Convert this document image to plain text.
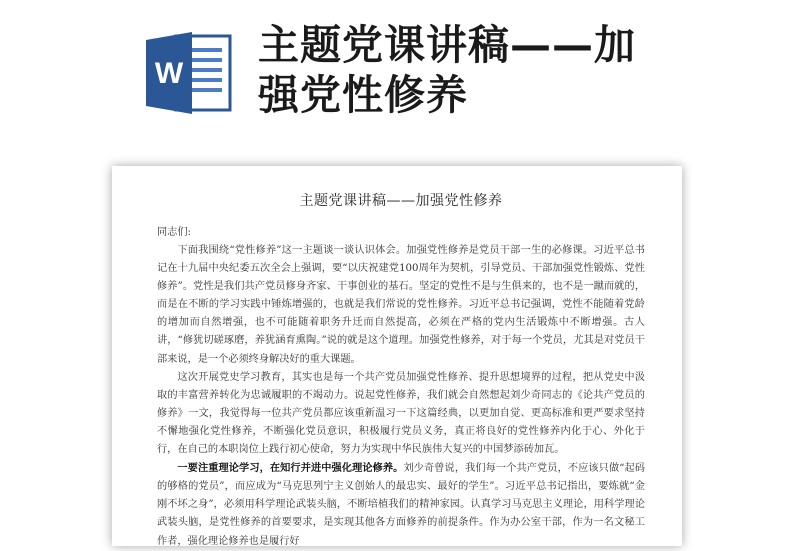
W
主题党课讲稿——加
强党性修养
主题党课讲稿——加强党性修养
同志们:

下面我围绕“党性修养”这一主题谈一谈认识体会。加强党性修养是党员干部一生的必修课。习近平总书记在十九届中央纪委五次全会上强调，要“以庆祝建党100周年为契机，引导党员、干部加强党性锻炼、党性修养”。党性是我们共产党员修身齐家、干事创业的基石。坚定的党性不是与生俱来的，也不是一蹴而就的，而是在不断的学习实践中锤炼增强的，也就是我们常说的党性修养。习近平总书记强调，党性不能随着党龄的增加而自然增强，也不可能随着职务升迁而自然提高，必须在严格的党内生活锻炼中不断增强。古人讲，“修犹切磋琢磨，养犹涵育熏陶。”说的就是这个道理。加强党性修养，对于每一个党员，尤其是对党员干部来说，是一个必须终身解决好的重大课题。

这次开展党史学习教育，其实也是每一个共产党员加强党性修养、提升思想境界的过程，把从党史中汲取的丰富营养转化为忠诚履职的不竭动力。说起党性修养，我们就会自然想起刘少奇同志的《论共产党员的修养》一文，我觉得每一位共产党员都应该重新温习一下这篇经典，以更加自觉、更高标准和更严要求坚持不懈地强化党性修养，不断强化党员意识，积极履行党员义务，真正将良好的党性修养内化于心、外化于行，在自己的本职岗位上践行初心使命，努力为实现中华民族伟大复兴的中国梦添砖加瓦。

一要注重理论学习，在知行并进中强化理论修养。刘少奇曾说，我们每一个共产党员，不应该只做“起码的够格的党员”，而应成为“马克思列宁主义创始人的最忠实、最好的学生”。习近平总书记指出，要炼就“金刚不坏之身”，必须用科学理论武装头脑，不断培植我们的精神家园。认真学习马克思主义理论，用科学理论武装头脑，是党性修养的首要要求，是实现其他各方面修养的前提条件。作为办公室干部，作为一名文秘工作者，强化理论修养也是履行好
